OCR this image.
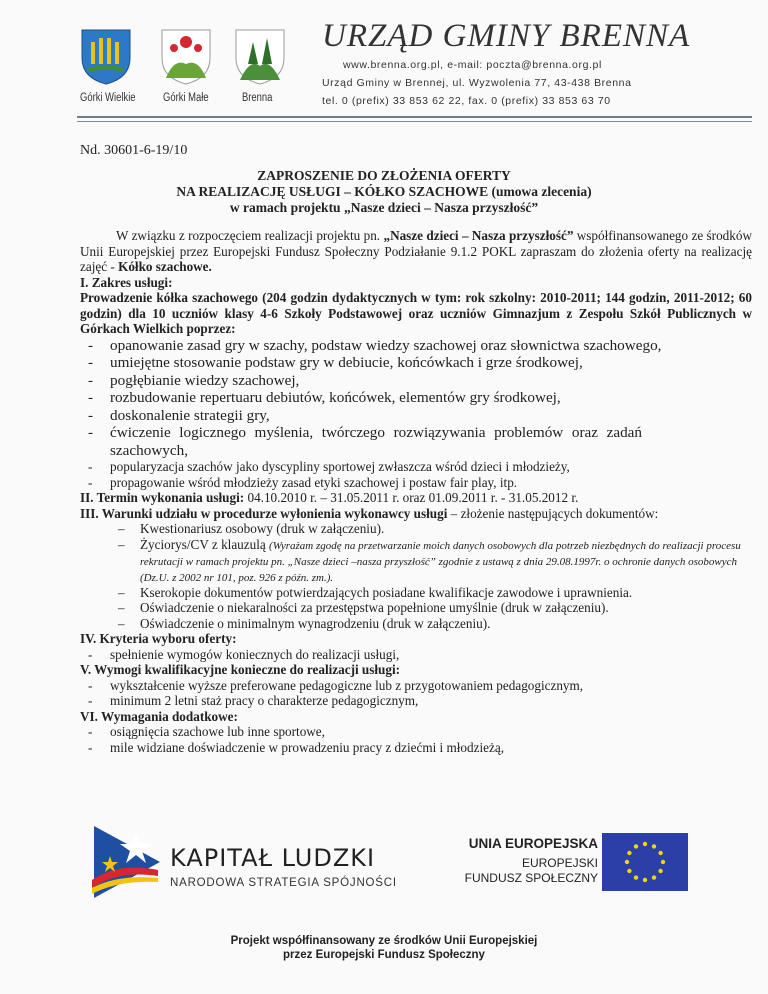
Górki Wielkie Górki Małe	Brenna
URZĄD GMINY BRENNA
www.brenna.org.pl, e-mail: poczta@brenna.org.pl
Urząd Gminy w Brennej, ul. Wyzwolenia 77, 43-438 Brenna
tel. 0 (prefix) 33 853 62 22, fax. 0 (prefix) 33 853 63 70
Nd. 30601-6-19/10
ZAPROSZENIE DO ZŁOŻENIA OFERTY
NA REALIZACJĘ USŁUGI – KÓŁKO SZACHOWE (umowa zlecenia)
w ramach projektu „Nasze dzieci – Nasza przyszłość”

W związku z rozpoczęciem realizacji projektu pn. „Nasze dzieci – Nasza przyszłość” współfinansowanego ze środków Unii Europejskiej przez Europejski Fundusz Społeczny Podziałanie 9.1.2 POKL zapraszam do złożenia oferty na realizację zajęć - Kółko szachowe.

I. Zakres usługi:

Prowadzenie kółka szachowego (204 godzin dydaktycznych w tym: rok szkolny: 2010-2011; 144 godzin, 2011-2012; 60 godzin) dla 10 uczniów klasy 4-6 Szkoły Podstawowej oraz uczniów Gimnazjum z Zespołu Szkół Publicznych w Górkach Wielkich poprzez:

- opanowanie zasad gry w szachy, podstaw wiedzy szachowej oraz słownictwa szachowego,
- umiejętne stosowanie podstaw gry w debiucie, końcówkach i grze środkowej,
- pogłębianie wiedzy szachowej,
- rozbudowanie repertuaru debiutów, końcówek, elementów gry środkowej,
- doskonalenie strategii gry,
- ćwiczenie logicznego myślenia, twórczego rozwiązywania problemów oraz zadań szachowych,
- popularyzacja szachów jako dyscypliny sportowej zwłaszcza wśród dzieci i młodzieży,
- propagowanie wśród młodzieży zasad etyki szachowej i postaw fair play, itp.

II. Termin wykonania usługi: 04.10.2010 r. – 31.05.2011 r. oraz 01.09.2011 r. - 31.05.2012 r.

III. Warunki udziału w procedurze wyłonienia wykonawcy usługi – złożenie następujących dokumentów:

– Kwestionariusz osobowy (druk w załączeniu).
– Życiorys/CV z klauzulą (Wyrażam zgodę na przetwarzanie moich danych osobowych dla potrzeb niezbędnych do realizacji procesu rekrutacji w ramach projektu pn. „Nasze dzieci –nasza przyszłość” zgodnie z ustawą z dnia 29.08.1997r. o ochronie danych osobowych (Dz.U. z 2002 nr 101, poz. 926 z późn. zm.).
– Kserokopie dokumentów potwierdzających posiadane kwalifikacje zawodowe i uprawnienia.
– Oświadczenie o niekaralności za przestępstwa popełnione umyślnie (druk w załączeniu).
– Oświadczenie o minimalnym wynagrodzeniu (druk w załączeniu).

IV. Kryteria wyboru oferty:

- spełnienie wymogów koniecznych do realizacji usługi,

V. Wymogi kwalifikacyjne konieczne do realizacji usługi:

- wykształcenie wyższe preferowane pedagogiczne lub z przygotowaniem pedagogicznym,
- minimum 2 letni staż pracy o charakterze pedagogicznym,

VI. Wymagania dodatkowe:

- osiągnięcia szachowe lub inne sportowe,
- mile widziane doświadczenie w prowadzeniu pracy z dziećmi i młodzieżą,
KAPITAŁ LUDZKI
NARODOWA STRATEGIA SPÓJNOŚCI
UNIA EUROPEJSKA
EUROPEJSKI
FUNDUSZ SPOŁECZNY
Projekt współfinansowany ze środków Unii Europejskiej
przez Europejski Fundusz Społeczny
